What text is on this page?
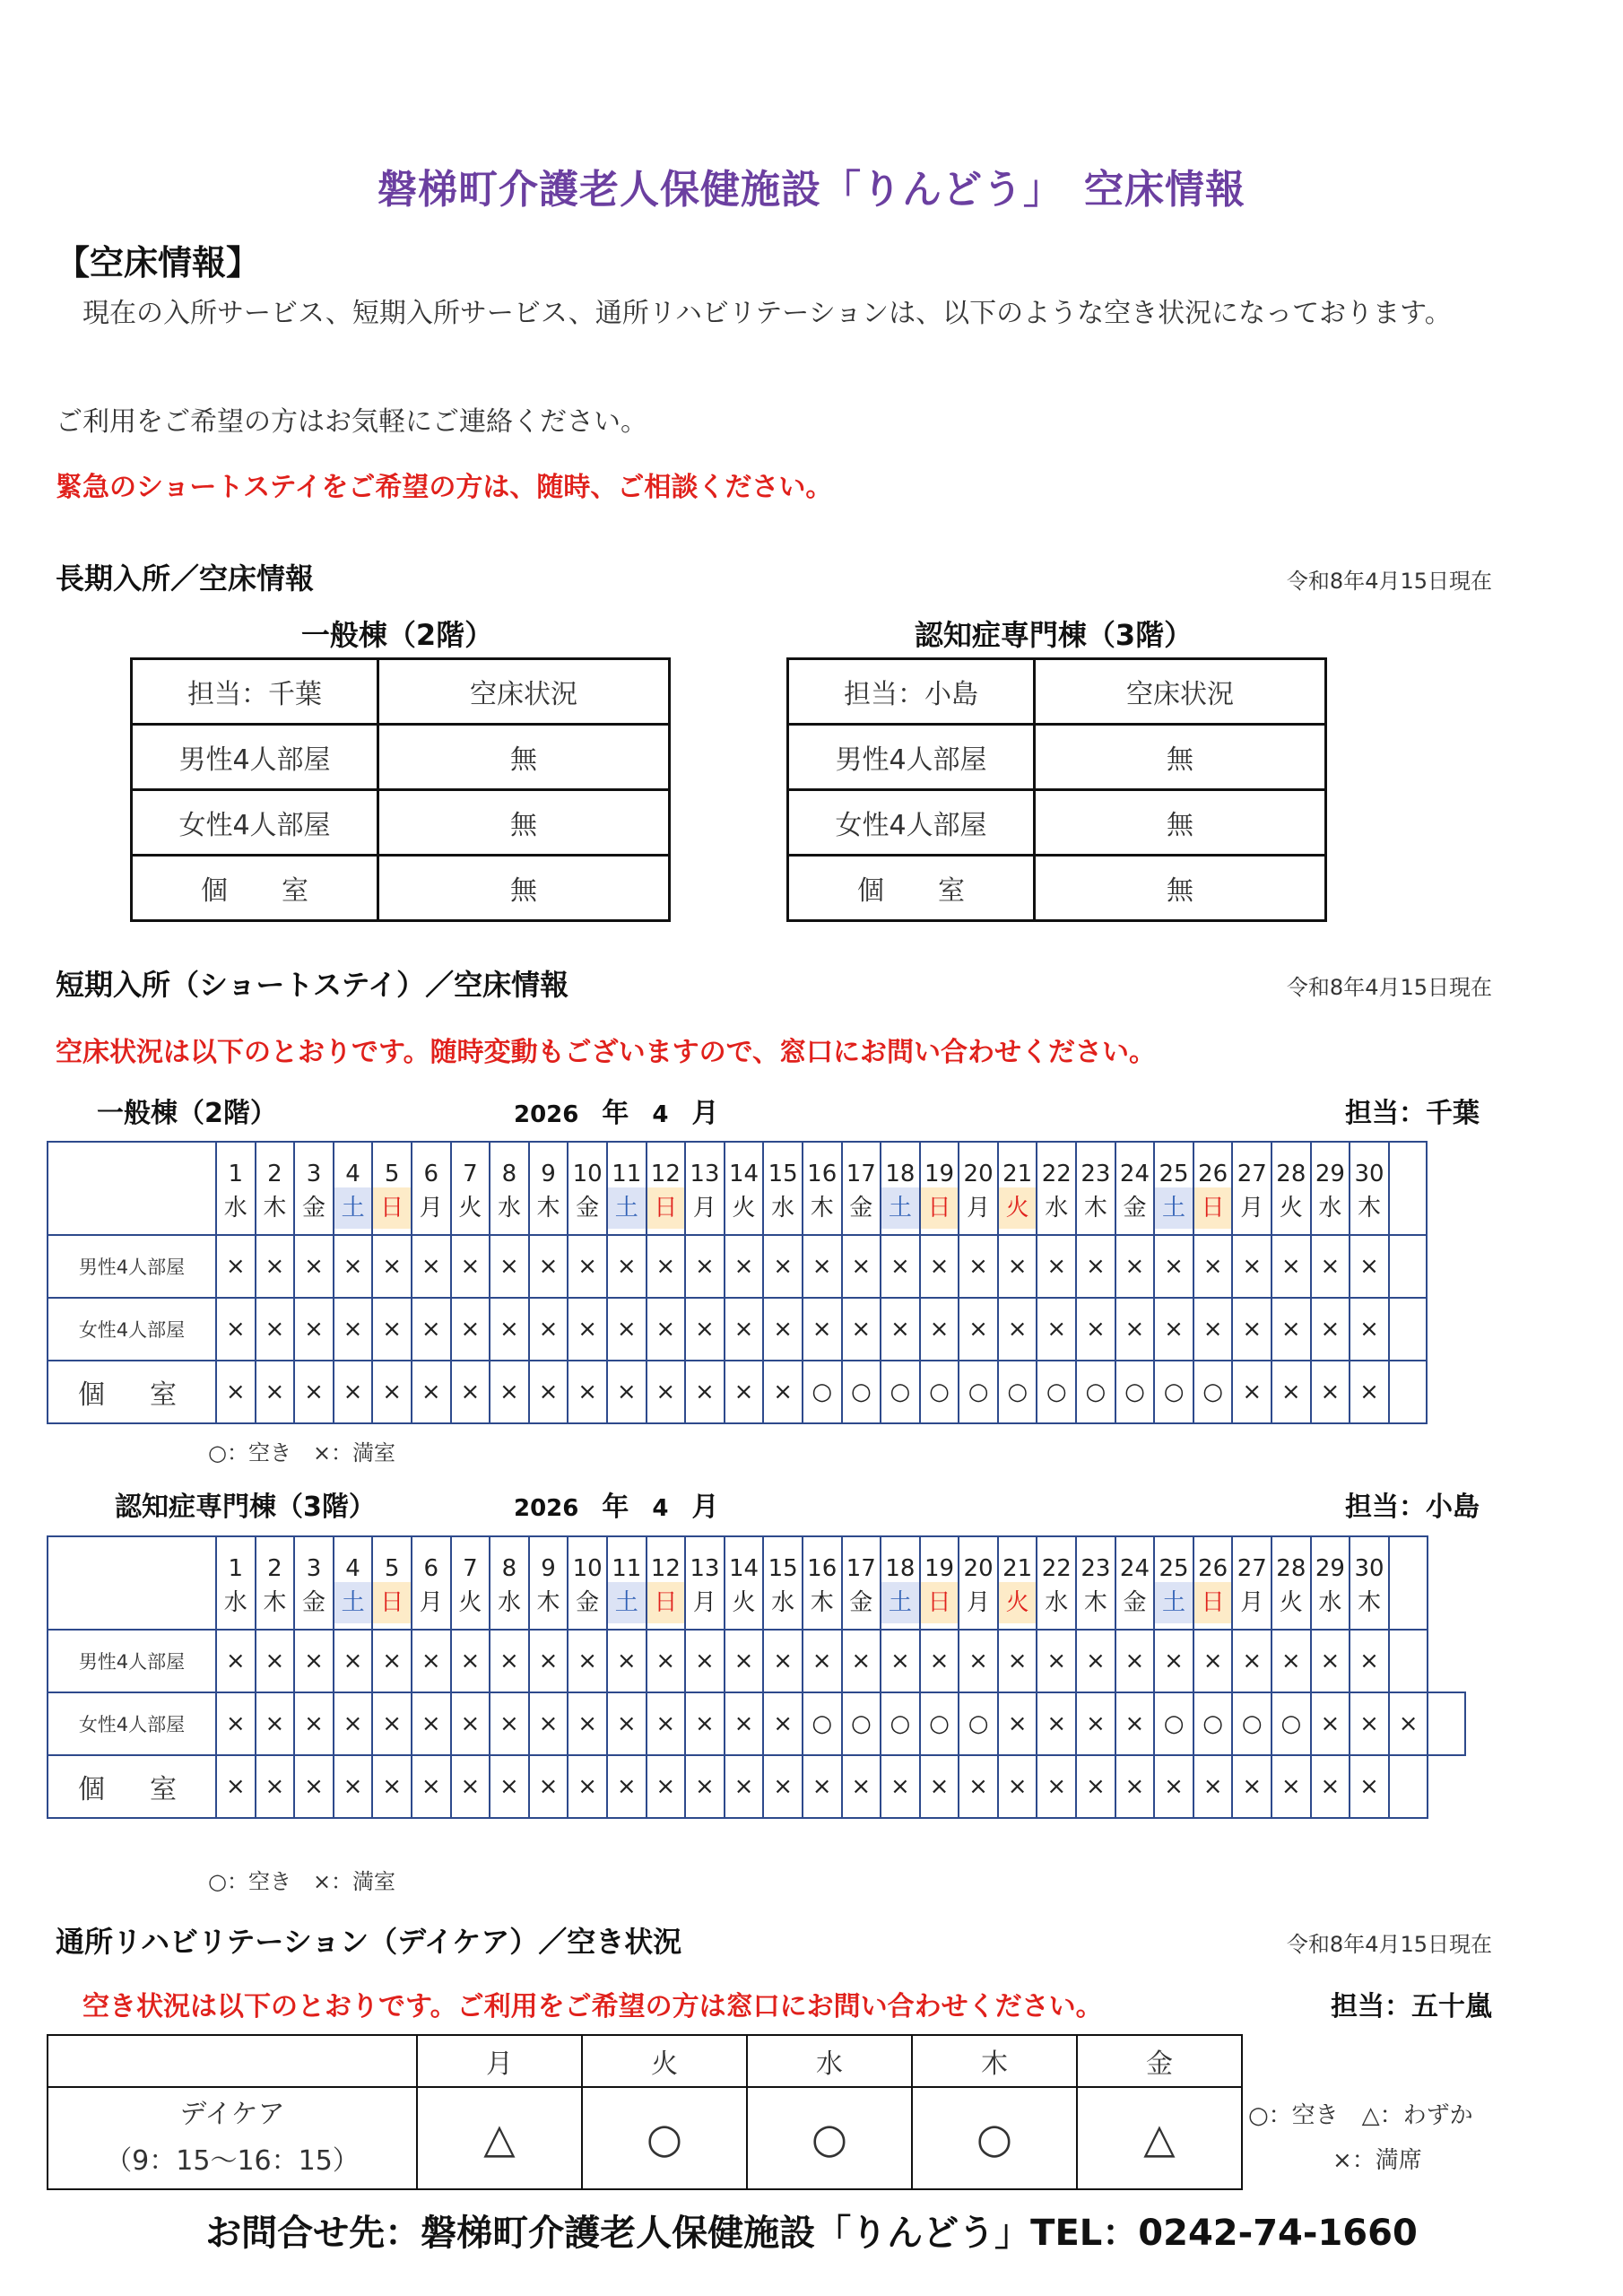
磐梯町介護老人保健施設「りんどう」　空床情報
【空床情報】
　現在の入所サービス、短期入所サービス、通所リハビリテーションは、以下のような空き状況になっております。
ご利用をご希望の方はお気軽にご連絡ください。
緊急のショートステイをご希望の方は、随時、ご相談ください。
長期入所／空床情報	令和8年4月15日現在
一般棟（2階）
担当：千葉	空床状況
男性4人部屋	無
女性4人部屋	無
個　　室	無
認知症専門棟（3階）
担当：小島	空床状況
男性4人部屋	無
女性4人部屋	無
個　　室	無
短期入所（ショートステイ）／空床情報	令和8年4月15日現在
空床状況は以下のとおりです。随時変動もございますので、窓口にお問い合わせください。
一般棟（2階）	2026　 年　 4　 月	担当：千葉
	1	2	3	4	5	6	7	8	9	10	11	12	13	14	15	16	17	18	19	20	21	22	23	24	25	26	27	28	29	30	

	水	木	金	土	日	月	火	水	木	金	土	日	月	火	水	木	金	土	日	月	火	水	木	金	土	日	月	火	水	木	

男性4人部屋	×	×	×	×	×	×	×	×	×	×	×	×	×	×	×	×	×	×	×	×	×	×	×	×	×	×	×	×	×	×	
女性4人部屋	×	×	×	×	×	×	×	×	×	×	×	×	×	×	×	×	×	×	×	×	×	×	×	×	×	×	×	×	×	×	
個　室	×	×	×	×	×	×	×	×	×	×	×	×	×	×	×	○	○	○	○	○	○	○	○	○	○	○	×	×	×	×	
○：空き　×：満室
認知症専門棟（3階）	2026　 年　 4　 月	担当：小島
	1	2	3	4	5	6	7	8	9	10	11	12	13	14	15	16	17	18	19	20	21	22	23	24	25	26	27	28	29	30		

	水	木	金	土	日	月	火	水	木	金	土	日	月	火	水	木	金	土	日	月	火	水	木	金	土	日	月	火	水	木		

男性4人部屋	×	×	×	×	×	×	×	×	×	×	×	×	×	×	×	×	×	×	×	×	×	×	×	×	×	×	×	×	×	×		
女性4人部屋	×	×	×	×	×	×	×	×	×	×	×	×	×	×	×	○	○	○	○	○	×	×	×	×	○	○	○	○	×	×	×	
個　室	×	×	×	×	×	×	×	×	×	×	×	×	×	×	×	×	×	×	×	×	×	×	×	×	×	×	×	×	×	×		
○：空き　×：満室
通所リハビリテーション（デイケア）／空き状況	令和8年4月15日現在
空き状況は以下のとおりです。ご利用をご希望の方は窓口にお問い合わせください。	担当：五十嵐
	月	火	水	木	金

デイケア
（9：15～16：15）	△	○	○	○	△	○：空き　△：わずか
×：満席
お問合せ先：磐梯町介護老人保健施設「りんどう」TEL：0242-74-1660
